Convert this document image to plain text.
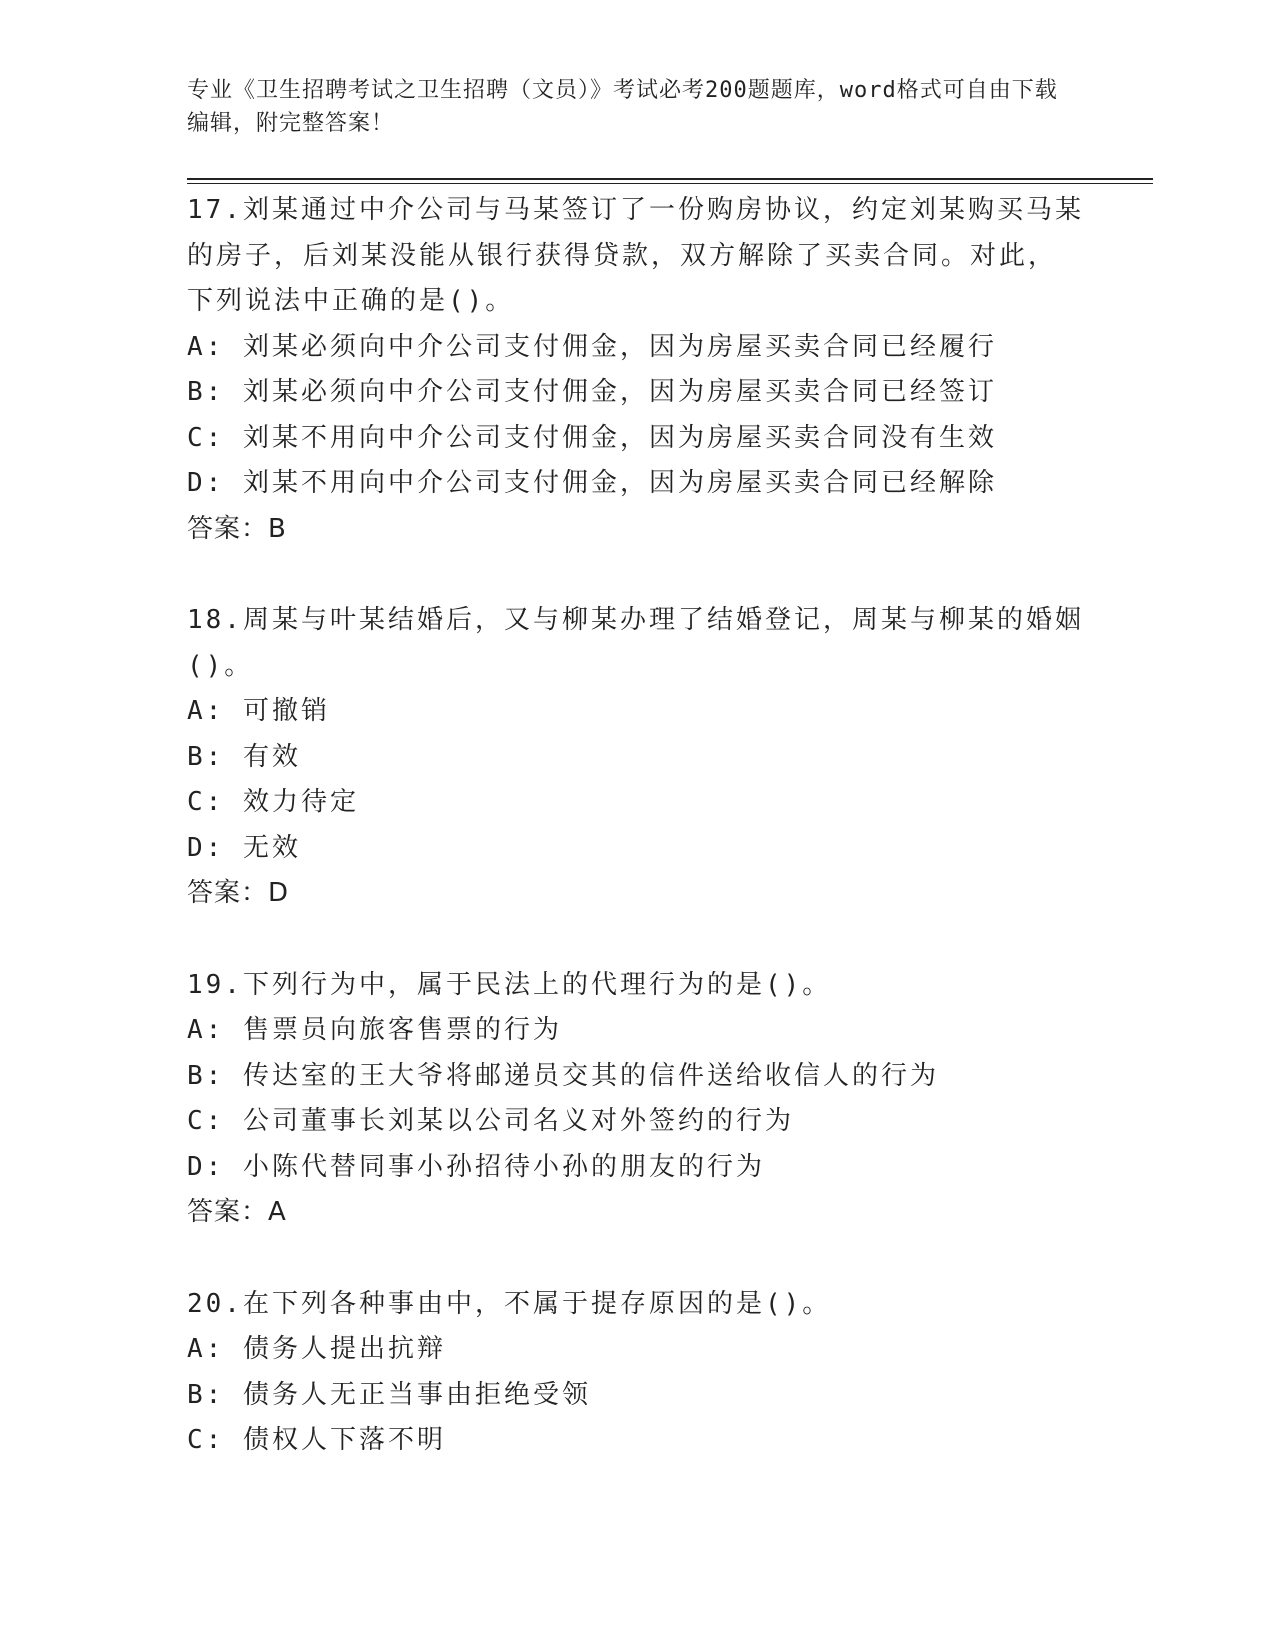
专业《卫生招聘考试之卫生招聘（文员）》考试必考200题题库，word格式可自由下载编辑，附完整答案！
17.刘某通过中介公司与马某签订了一份购房协议，约定刘某购买马某
的房子，后刘某没能从银行获得贷款，双方解除了买卖合同。对此，
下列说法中正确的是()。
A: 刘某必须向中介公司支付佣金，因为房屋买卖合同已经履行
B: 刘某必须向中介公司支付佣金，因为房屋买卖合同已经签订
C: 刘某不用向中介公司支付佣金，因为房屋买卖合同没有生效
D: 刘某不用向中介公司支付佣金，因为房屋买卖合同已经解除
答案：B
18.周某与叶某结婚后，又与柳某办理了结婚登记，周某与柳某的婚姻
()。
A: 可撤销
B: 有效
C: 效力待定
D: 无效
答案：D
19.下列行为中，属于民法上的代理行为的是()。
A: 售票员向旅客售票的行为
B: 传达室的王大爷将邮递员交其的信件送给收信人的行为
C: 公司董事长刘某以公司名义对外签约的行为
D: 小陈代替同事小孙招待小孙的朋友的行为
答案：A
20.在下列各种事由中，不属于提存原因的是()。
A: 债务人提出抗辩
B: 债务人无正当事由拒绝受领
C: 债权人下落不明
